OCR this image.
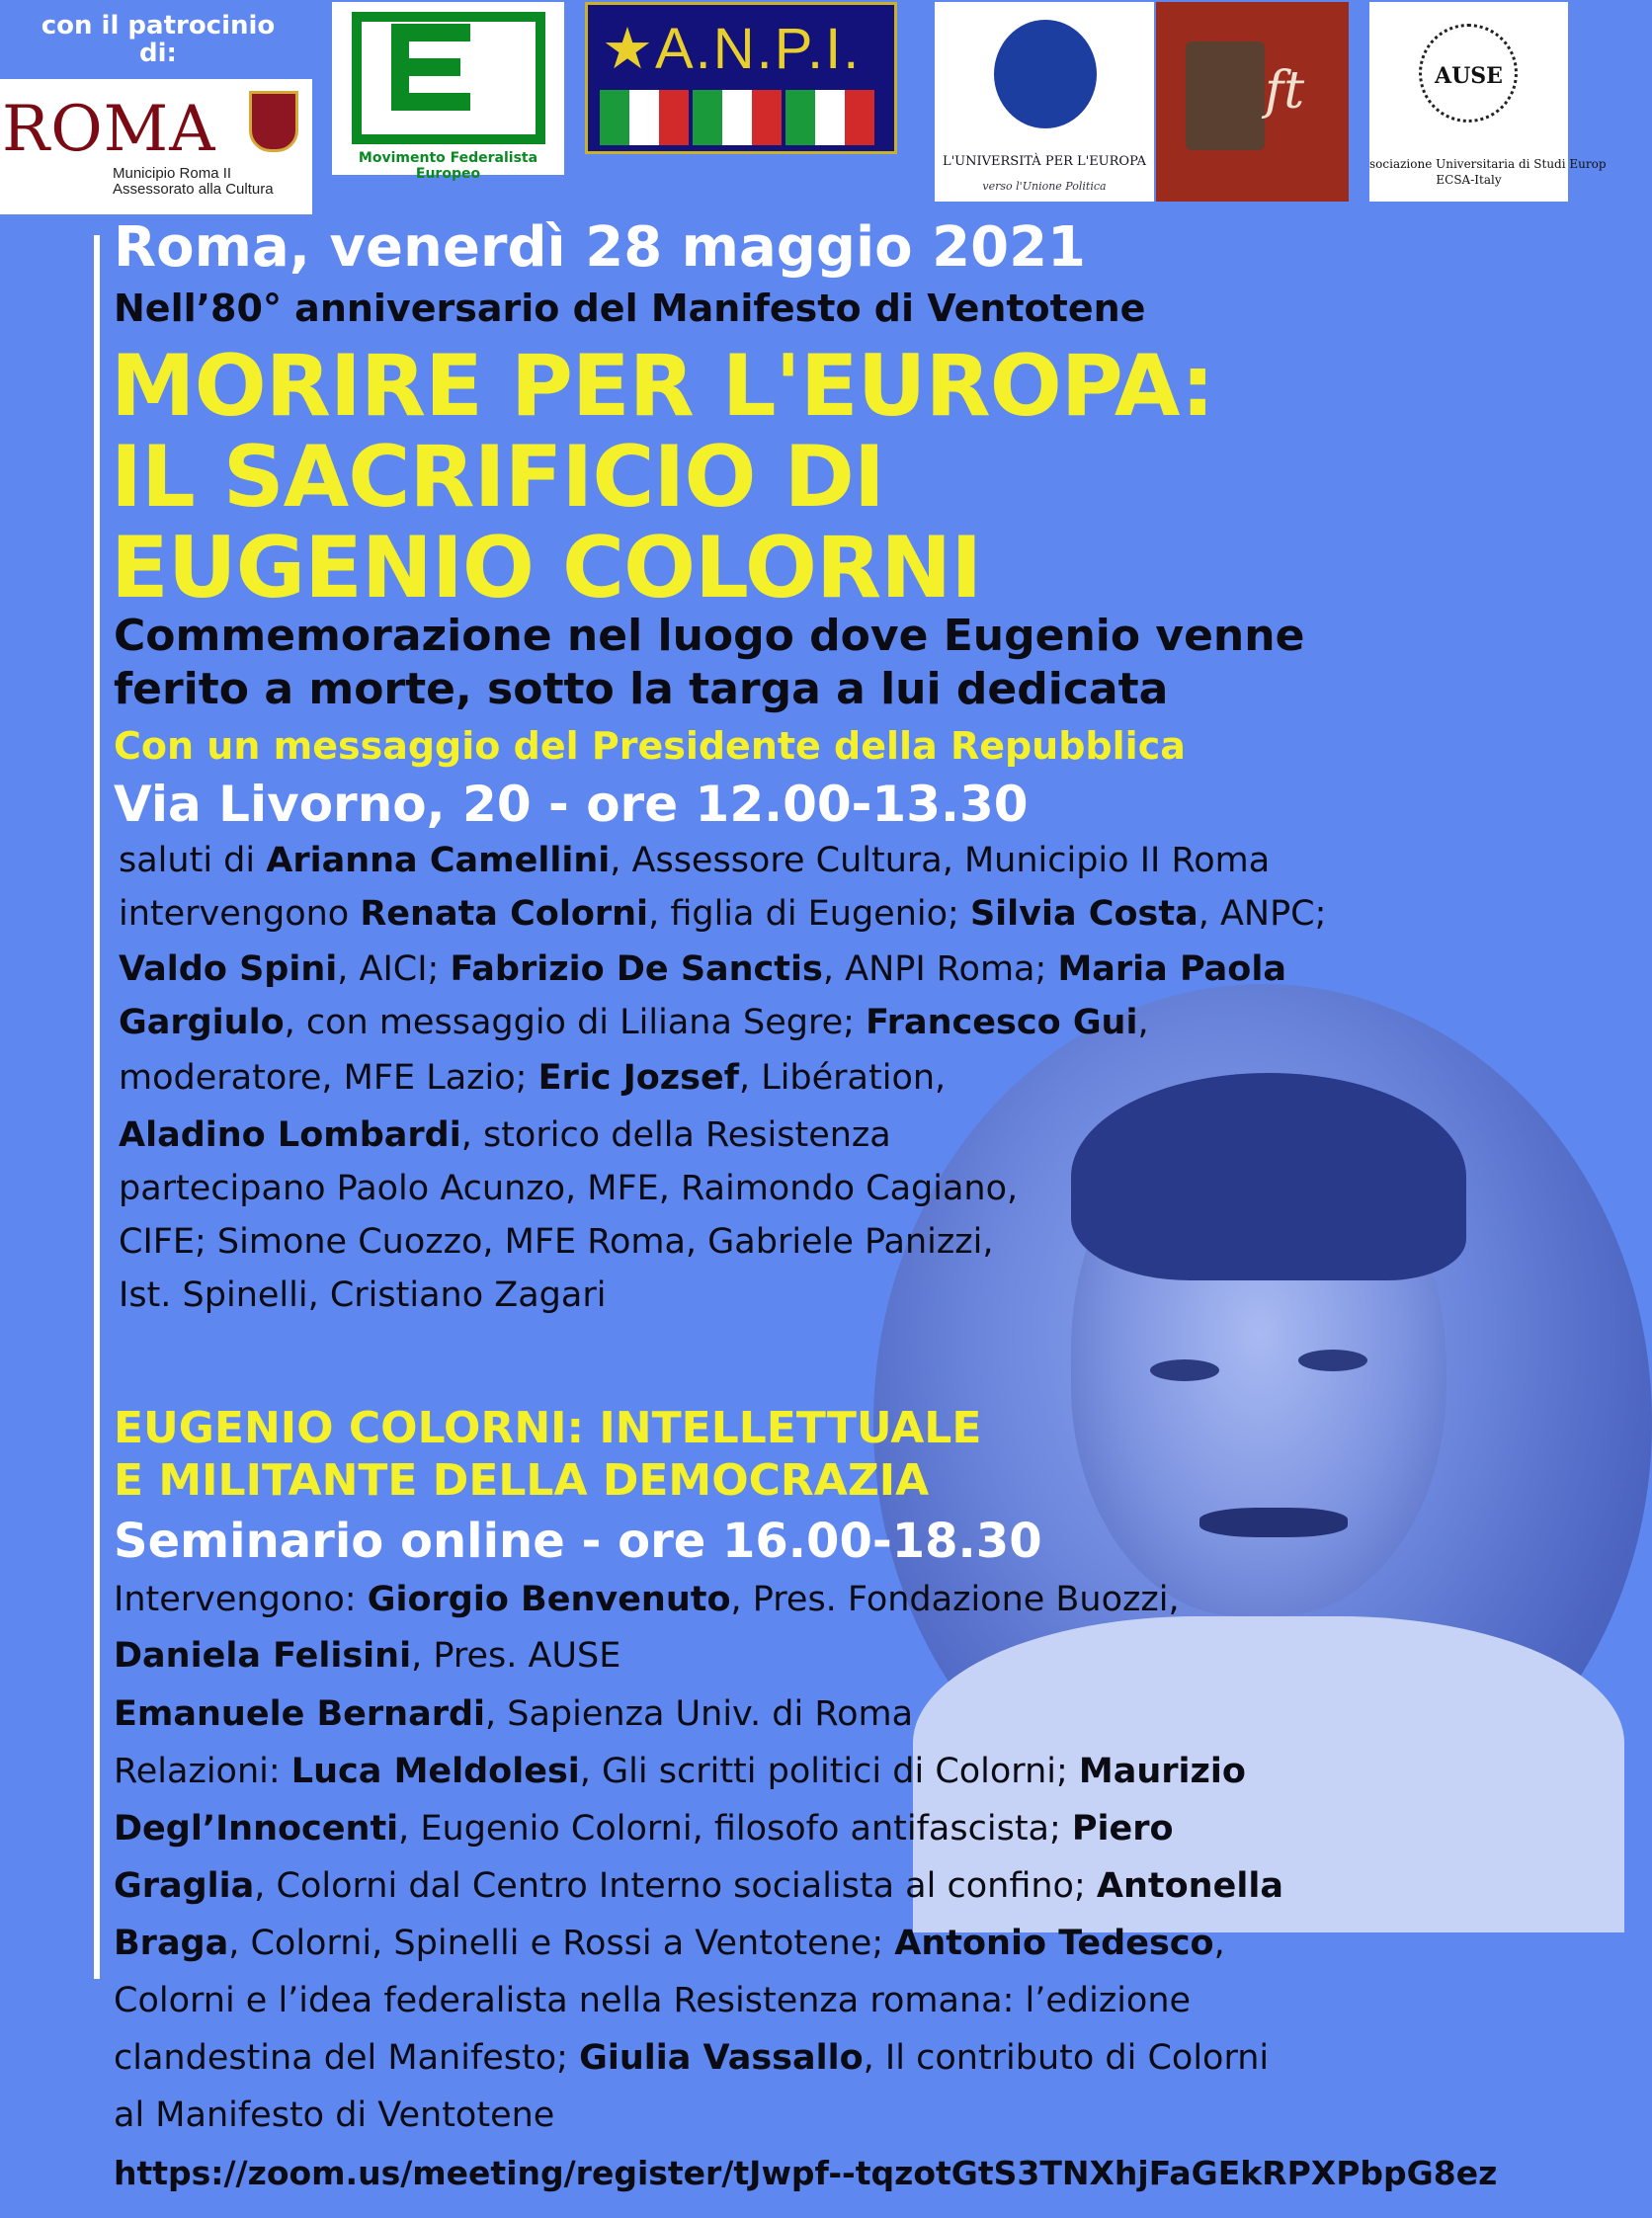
con il patrocinio di:
ROMA
Municipio Roma II
Assessorato alla Cultura
Movimento Federalista Europeo
★A.N.P.I.
L'UNIVERSITÀ PER L'EUROPA
verso l'Unione Politica
ft	AUSE
sociazione Universitaria di Studi Europ
ECSA-Italy
Roma, venerdì 28 maggio 2021
Nell’80° anniversario del Manifesto di Ventotene
MORIRE PER L'EUROPA:
IL SACRIFICIO DI
EUGENIO COLORNI
Commemorazione nel luogo dove Eugenio venne
ferito a morte, sotto la targa a lui dedicata
Con un messaggio del Presidente della Repubblica
Via Livorno, 20 - ore 12.00-13.30
saluti di Arianna Camellini, Assessore Cultura, Municipio II Roma
intervengono Renata Colorni, figlia di Eugenio; Silvia Costa, ANPC;
Valdo Spini, AICI; Fabrizio De Sanctis, ANPI Roma; Maria Paola
Gargiulo, con messaggio di Liliana Segre; Francesco Gui,
moderatore, MFE Lazio; Eric Jozsef, Libération,
Aladino Lombardi, storico della Resistenza
partecipano Paolo Acunzo, MFE, Raimondo Cagiano,
CIFE; Simone Cuozzo, MFE Roma, Gabriele Panizzi,
Ist. Spinelli, Cristiano Zagari
EUGENIO COLORNI: INTELLETTUALE
E MILITANTE DELLA DEMOCRAZIA
Seminario online - ore 16.00-18.30
Intervengono: Giorgio Benvenuto, Pres. Fondazione Buozzi,
Daniela Felisini, Pres. AUSE
Emanuele Bernardi, Sapienza Univ. di Roma
Relazioni: Luca Meldolesi, Gli scritti politici di Colorni; Maurizio
Degl’Innocenti, Eugenio Colorni, filosofo antifascista; Piero
Graglia, Colorni dal Centro Interno socialista al confino; Antonella
Braga, Colorni, Spinelli e Rossi a Ventotene; Antonio Tedesco,
Colorni e l’idea federalista nella Resistenza romana: l’edizione
clandestina del Manifesto; Giulia Vassallo, Il contributo di Colorni
al Manifesto di Ventotene
https://zoom.us/meeting/register/tJwpf--tqzotGtS3TNXhjFaGEkRPXPbpG8ez
